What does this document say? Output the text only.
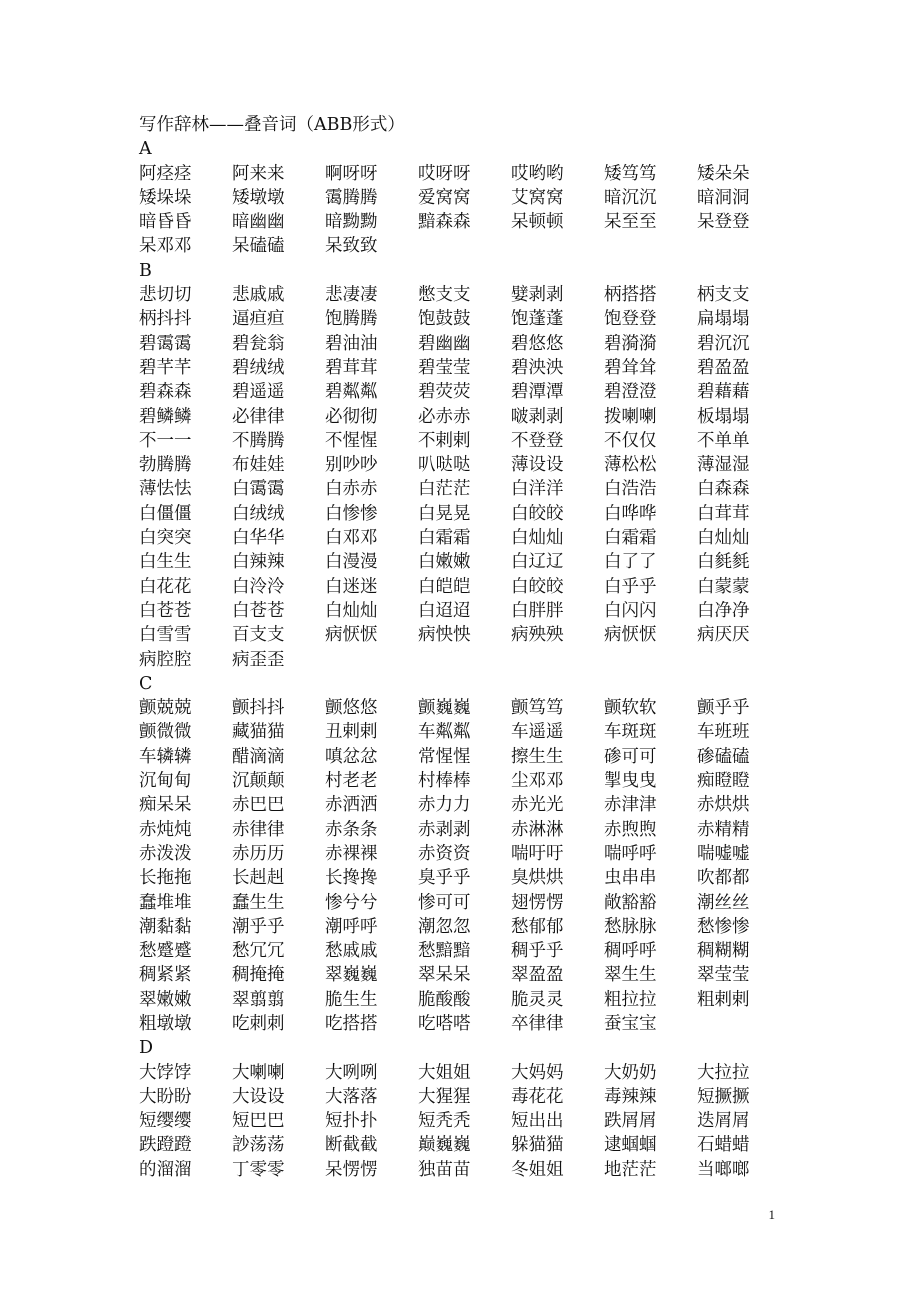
写作辞林——叠音词（ABB形式）
A
阿痉痉	阿来来	啊呀呀	哎呀呀	哎哟哟	矮笃笃	矮朵朵
矮垛垛	矮墩墩	霭腾腾	爱窝窝	艾窝窝	暗沉沉	暗洞洞
暗昏昏	暗幽幽	暗黝黝	黯森森	呆顿顿	呆至至	呆登登
呆邓邓	呆磕磕	呆致致
B
悲切切	悲戚戚	悲凄凄	憋支支	嬖剥剥	柄搭搭	柄支支
柄抖抖	逼疸疸	饱腾腾	饱鼓鼓	饱蓬蓬	饱登登	扁塌塌
碧霭霭	碧瓮翁	碧油油	碧幽幽	碧悠悠	碧漪漪	碧沉沉
碧芊芊	碧绒绒	碧茸茸	碧莹莹	碧泱泱	碧耸耸	碧盈盈
碧森森	碧遥遥	碧粼粼	碧荧荧	碧潭潭	碧澄澄	碧藉藉
碧鳞鳞	必律律	必彻彻	必赤赤	啵剥剥	拨喇喇	板塌塌
不一一	不腾腾	不惺惺	不剌剌	不登登	不仅仅	不单单
勃腾腾	布娃娃	别吵吵	叭哒哒	薄设设	薄松松	薄湿湿
薄怯怯	白霭霭	白赤赤	白茫茫	白洋洋	白浩浩	白森森
白僵僵	白绒绒	白惨惨	白晃晃	白皎皎	白哗哗	白茸茸
白突突	白华华	白邓邓	白霜霜	白灿灿	白霜霜	白灿灿
白生生	白辣辣	白漫漫	白嫩嫩	白辽辽	白了了	白毵毵
白花花	白泠泠	白迷迷	白皑皑	白皎皎	白乎乎	白蒙蒙
白苍苍	白苍苍	白灿灿	白迢迢	白胖胖	白闪闪	白净净
白雪雪	百支支	病恹恹	病怏怏	病殃殃	病恹恹	病厌厌
病腔腔	病歪歪
C
颤兢兢	颤抖抖	颤悠悠	颤巍巍	颤笃笃	颤软软	颤乎乎
颤微微	藏猫猫	丑剌剌	车粼粼	车遥遥	车斑斑	车班班
车辚辚	醋滴滴	嗔忿忿	常惺惺	擦生生	碜可可	碜磕磕
沉甸甸	沉颠颠	村老老	村棒棒	尘邓邓	掣曳曳	痴瞪瞪
痴呆呆	赤巴巴	赤洒洒	赤力力	赤光光	赤津津	赤烘烘
赤炖炖	赤律律	赤条条	赤剥剥	赤淋淋	赤煦煦	赤精精
赤泼泼	赤历历	赤裸裸	赤资资	喘吁吁	喘呼呼	喘嘘嘘
长拖拖	长赳赳	长搀搀	臭乎乎	臭烘烘	虫串串	吹都都
蠢堆堆	蠢生生	惨兮兮	惨可可	翅愣愣	敞豁豁	潮丝丝
潮黏黏	潮乎乎	潮呼呼	潮忽忽	愁郁郁	愁脉脉	愁惨惨
愁蹙蹙	愁冗冗	愁戚戚	愁黯黯	稠乎乎	稠呼呼	稠糊糊
稠紧紧	稠掩掩	翠巍巍	翠呆呆	翠盈盈	翠生生	翠莹莹
翠嫩嫩	翠翦翦	脆生生	脆酸酸	脆灵灵	粗拉拉	粗剌剌
粗墩墩	吃刺刺	吃搭搭	吃嗒嗒	卒律律	蚕宝宝
D
大饽饽	大喇喇	大咧咧	大姐姐	大妈妈	大奶奶	大拉拉
大盼盼	大设设	大落落	大猩猩	毒花花	毒辣辣	短撅撅
短缨缨	短巴巴	短扑扑	短秃秃	短出出	跌屑屑	迭屑屑
跌蹬蹬	訬荡荡	断截截	巅巍巍	躲猫猫	逮蝈蝈	石蜡蜡
的溜溜	丁零零	呆愣愣	独苗苗	冬姐姐	地茫茫	当啷啷
1
